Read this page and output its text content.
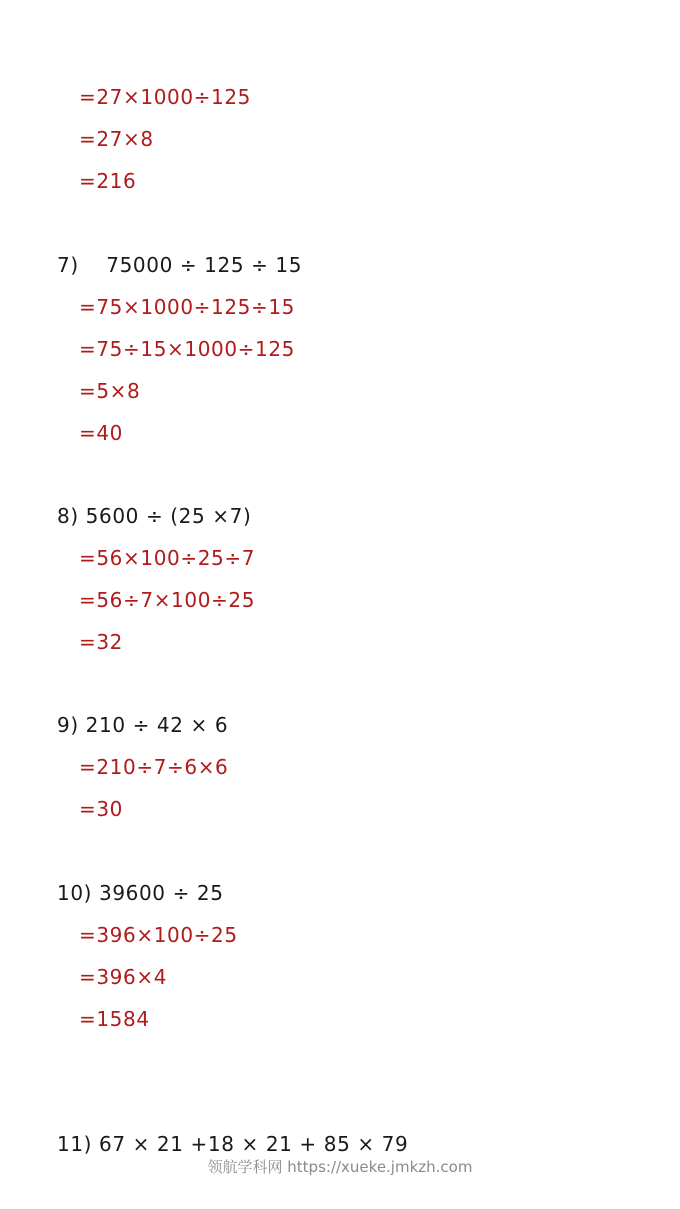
=27×1000÷125
=27×8
=216
7)　 75000 ÷ 125 ÷ 15
=75×1000÷125÷15
=75÷15×1000÷125
=5×8
=40
8) 5600 ÷ (25 ×7)
=56×100÷25÷7
=56÷7×100÷25
=32
9) 210 ÷ 42 × 6
=210÷7÷6×6
=30
10) 39600 ÷ 25
=396×100÷25
=396×4
=1584
11) 67 × 21 +18 × 21 + 85 × 79
领航学科网 https://xueke.jmkzh.com
